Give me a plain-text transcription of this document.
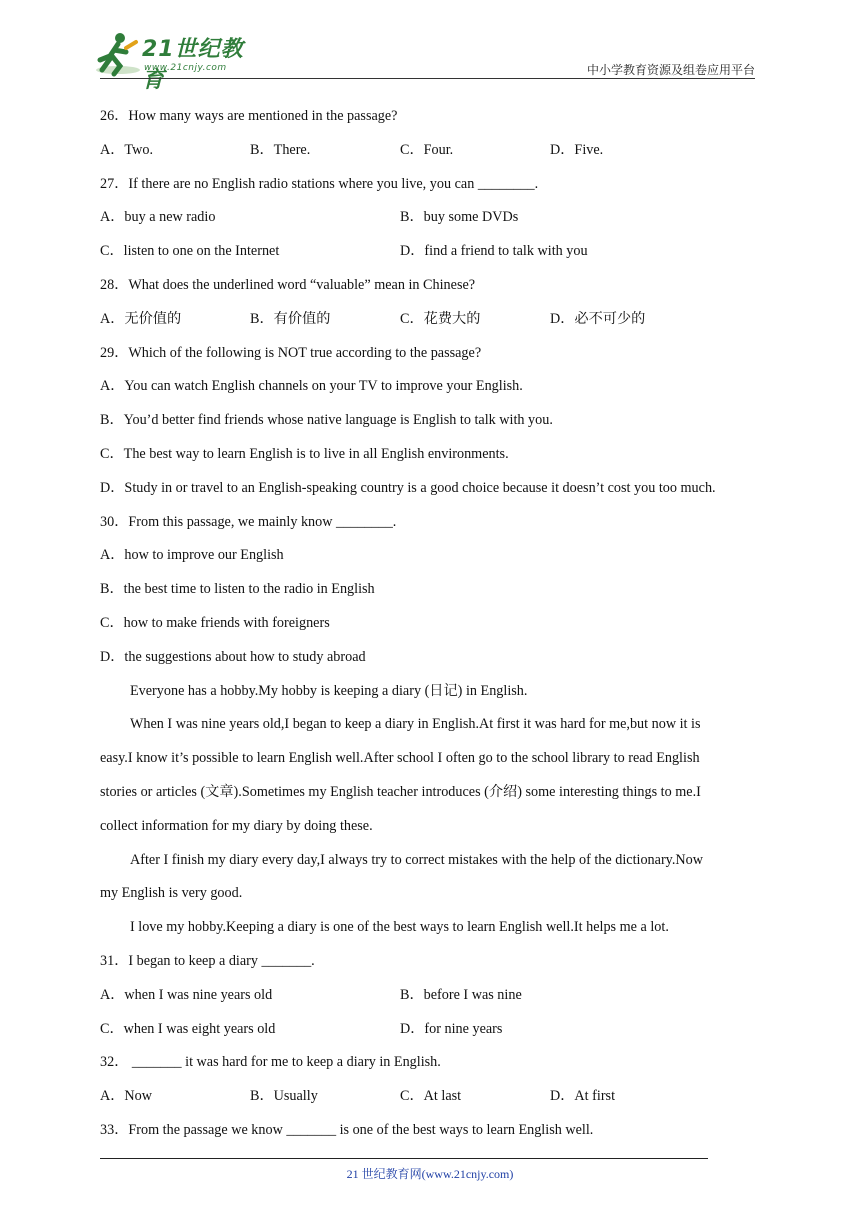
21世纪教育
www.21cnjy.com	中小学教育资源及组卷应用平台
26．How many ways are mentioned in the passage?
A．Two.	B．There.	C．Four.	D．Five.
27．If there are no English radio stations where you live, you can ________.
A．buy a new radio	B．buy some DVDs
C．listen to one on the Internet	D．find a friend to talk with you
28．What does the underlined word “valuable” mean in Chinese?
A．无价值的	B．有价值的	C．花费大的	D．必不可少的
29．Which of the following is NOT true according to the passage?
A．You can watch English channels on your TV to improve your English.
B．You’d better find friends whose native language is English to talk with you.
C．The best way to learn English is to live in all English environments.
D．Study in or travel to an English-speaking country is a good choice because it doesn’t cost you too much.
30．From this passage, we mainly know ________.
A．how to improve our English
B．the best time to listen to the radio in English
C．how to make friends with foreigners
D．the suggestions about how to study abroad
Everyone has a hobby.My hobby is keeping a diary (日记) in English.
When I was nine years old,I began to keep a diary in English.At first it was hard for me,but now it is
easy.I know it’s possible to learn English well.After school I often go to the school library to read English
stories or articles (文章).Sometimes my English teacher introduces (介绍) some interesting things to me.I
collect information for my diary by doing these.
After I finish my diary every day,I always try to correct mistakes with the help of the dictionary.Now
my English is very good.
I love my hobby.Keeping a diary is one of the best ways to learn English well.It helps me a lot.
31．I began to keep a diary _______.
A．when I was nine years old	B．before I was nine
C．when I was eight years old	D．for nine years
32． _______ it was hard for me to keep a diary in English.
A．Now	B．Usually	C．At last	D．At first
33．From the passage we know _______ is one of the best ways to learn English well.
21 世纪教育网(www.21cnjy.com)
